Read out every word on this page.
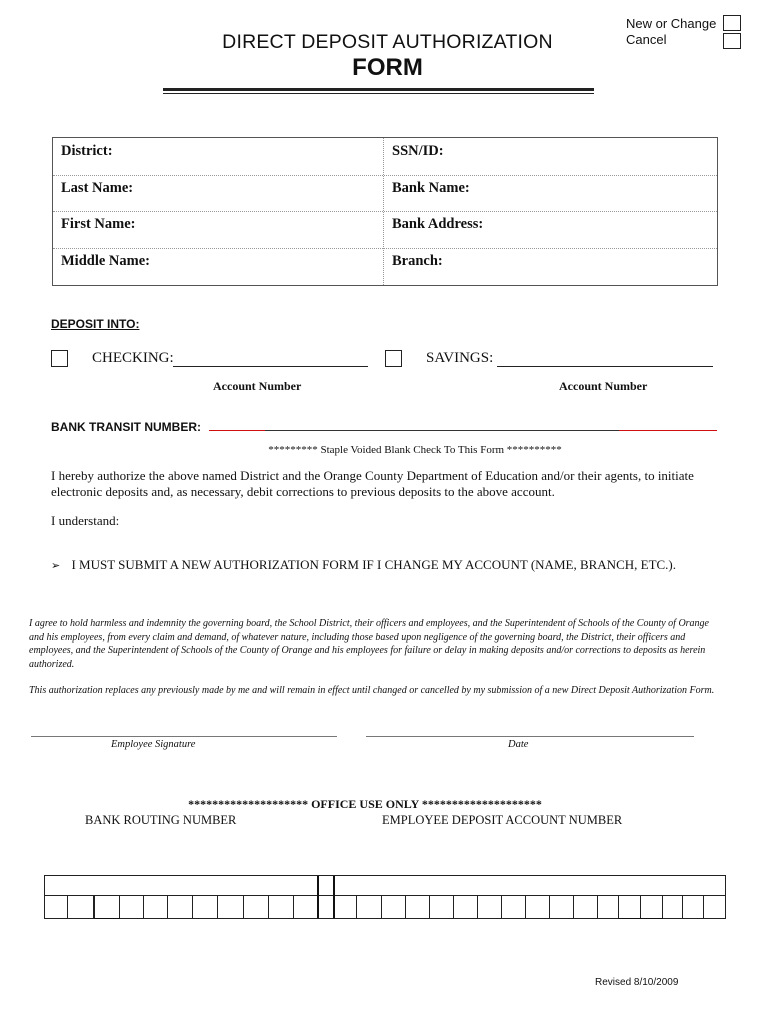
DIRECT DEPOSIT AUTHORIZATION
FORM
New or Change
Cancel
District:	SSN/ID:
Last Name:	Bank Name:
First Name:	Bank Address:
Middle Name:	Branch:
DEPOSIT INTO:
CHECKING:
Account Number
SAVINGS:
Account Number
BANK TRANSIT NUMBER:
********* Staple Voided Blank Check To This Form **********
I hereby authorize the above named District and the Orange County Department of Education and/or their agents, to initiate electronic deposits and, as necessary, debit corrections to previous deposits to the above account.
I understand:
➢ I MUST SUBMIT A NEW AUTHORIZATION FORM IF I CHANGE MY ACCOUNT (NAME, BRANCH, ETC.).
I agree to hold harmless and indemnity the governing board, the School District, their officers and employees, and the Superintendent of Schools of the County of Orange and his employees, from every claim and demand, of whatever nature, including those based upon negligence of the governing board, the District, their officers and employees, and the Superintendent of Schools of the County of Orange and his employees for failure or delay in making deposits and/or corrections to deposits as herein authorized.
This authorization replaces any previously made by me and will remain in effect until changed or cancelled by my submission of a new Direct Deposit Authorization Form.
Employee Signature	Date
******************** OFFICE USE ONLY ********************
BANK ROUTING NUMBER	EMPLOYEE DEPOSIT ACCOUNT NUMBER
Revised 8/10/2009
